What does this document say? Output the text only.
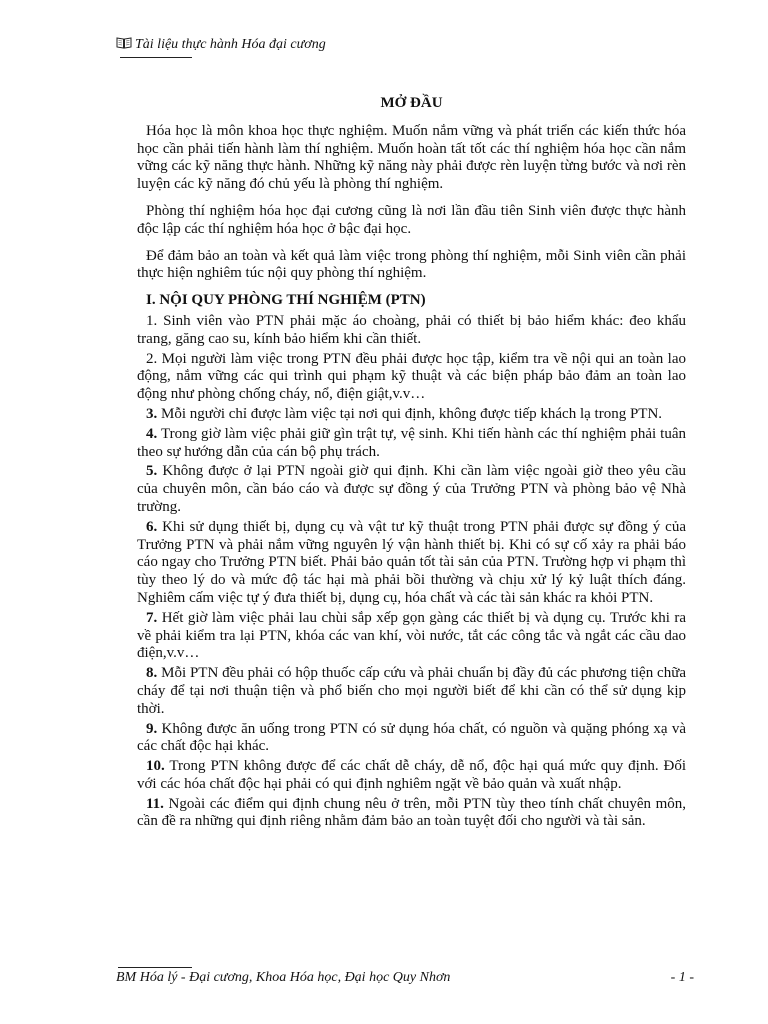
Tài liệu thực hành Hóa đại cương
MỞ ĐẦU

Hóa học là môn khoa học thực nghiệm. Muốn nắm vững và phát triển các kiến thức hóa học cần phải tiến hành làm thí nghiệm. Muốn hoàn tất tốt các thí nghiệm hóa học cần nắm vững các kỹ năng thực hành. Những kỹ năng này phải được rèn luyện từng bước và nơi rèn luyện các kỹ năng đó chủ yếu là phòng thí nghiệm.

Phòng thí nghiệm hóa học đại cương cũng là nơi lần đầu tiên Sinh viên được thực hành độc lập các thí nghiệm hóa học ở bậc đại học.

Để đảm bảo an toàn và kết quả làm việc trong phòng thí nghiệm, mỗi Sinh viên cần phải thực hiện nghiêm túc nội quy phòng thí nghiệm.

I. NỘI QUY PHÒNG THÍ NGHIỆM (PTN)

1. Sinh viên vào PTN phải mặc áo choàng, phải có thiết bị bảo hiểm khác: đeo khẩu trang, găng cao su, kính bảo hiểm khi cần thiết.

2. Mọi người làm việc trong PTN đều phải được học tập, kiểm tra về nội qui an toàn lao động, nắm vững các qui trình qui phạm kỹ thuật và các biện pháp bảo đảm an toàn lao động như phòng chống cháy, nổ, điện giật,v.v…

3. Mỗi người chỉ được làm việc tại nơi qui định, không được tiếp khách lạ trong PTN.

4. Trong giờ làm việc phải giữ gìn trật tự, vệ sinh. Khi tiến hành các thí nghiệm phải tuân theo sự hướng dẫn của cán bộ phụ trách.

5. Không được ở lại PTN ngoài giờ qui định. Khi cần làm việc ngoài giờ theo yêu cầu của chuyên môn, cần báo cáo và được sự đồng ý của Trưởng PTN và phòng bảo vệ Nhà trường.

6. Khi sử dụng thiết bị, dụng cụ và vật tư kỹ thuật trong PTN phải được sự đồng ý của Trưởng PTN và phải nắm vững nguyên lý vận hành thiết bị. Khi có sự cố xảy ra phải báo cáo ngay cho Trưởng PTN biết. Phải bảo quản tốt tài sản của PTN. Trường hợp vi phạm thì tùy theo lý do và mức độ tác hại mà phải bồi thường và chịu xử lý kỷ luật thích đáng. Nghiêm cấm việc tự ý đưa thiết bị, dụng cụ, hóa chất và các tài sản khác ra khỏi PTN.

7. Hết giờ làm việc phải lau chùi sắp xếp gọn gàng các thiết bị và dụng cụ. Trước khi ra về phải kiểm tra lại PTN, khóa các van khí, vòi nước, tắt các công tắc và ngắt các cầu dao điện,v.v…

8. Mỗi PTN đều phải có hộp thuốc cấp cứu và phải chuẩn bị đầy đủ các phương tiện chữa cháy để tại nơi thuận tiện và phổ biến cho mọi người biết để khi cần có thể sử dụng kịp thời.

9. Không được ăn uống trong PTN có sử dụng hóa chất, có nguồn và quặng phóng xạ và các chất độc hại khác.

10. Trong PTN không được để các chất dễ cháy, dễ nổ, độc hại quá mức quy định. Đối với các hóa chất độc hại phải có qui định nghiêm ngặt về bảo quản và xuất nhập.

11. Ngoài các điểm qui định chung nêu ở trên, mỗi PTN tùy theo tính chất chuyên môn, cần đề ra những qui định riêng nhằm đảm bảo an toàn tuyệt đối cho người và tài sản.

BM Hóa lý - Đại cương, Khoa Hóa học, Đại học Quy Nhơn	- 1 -
